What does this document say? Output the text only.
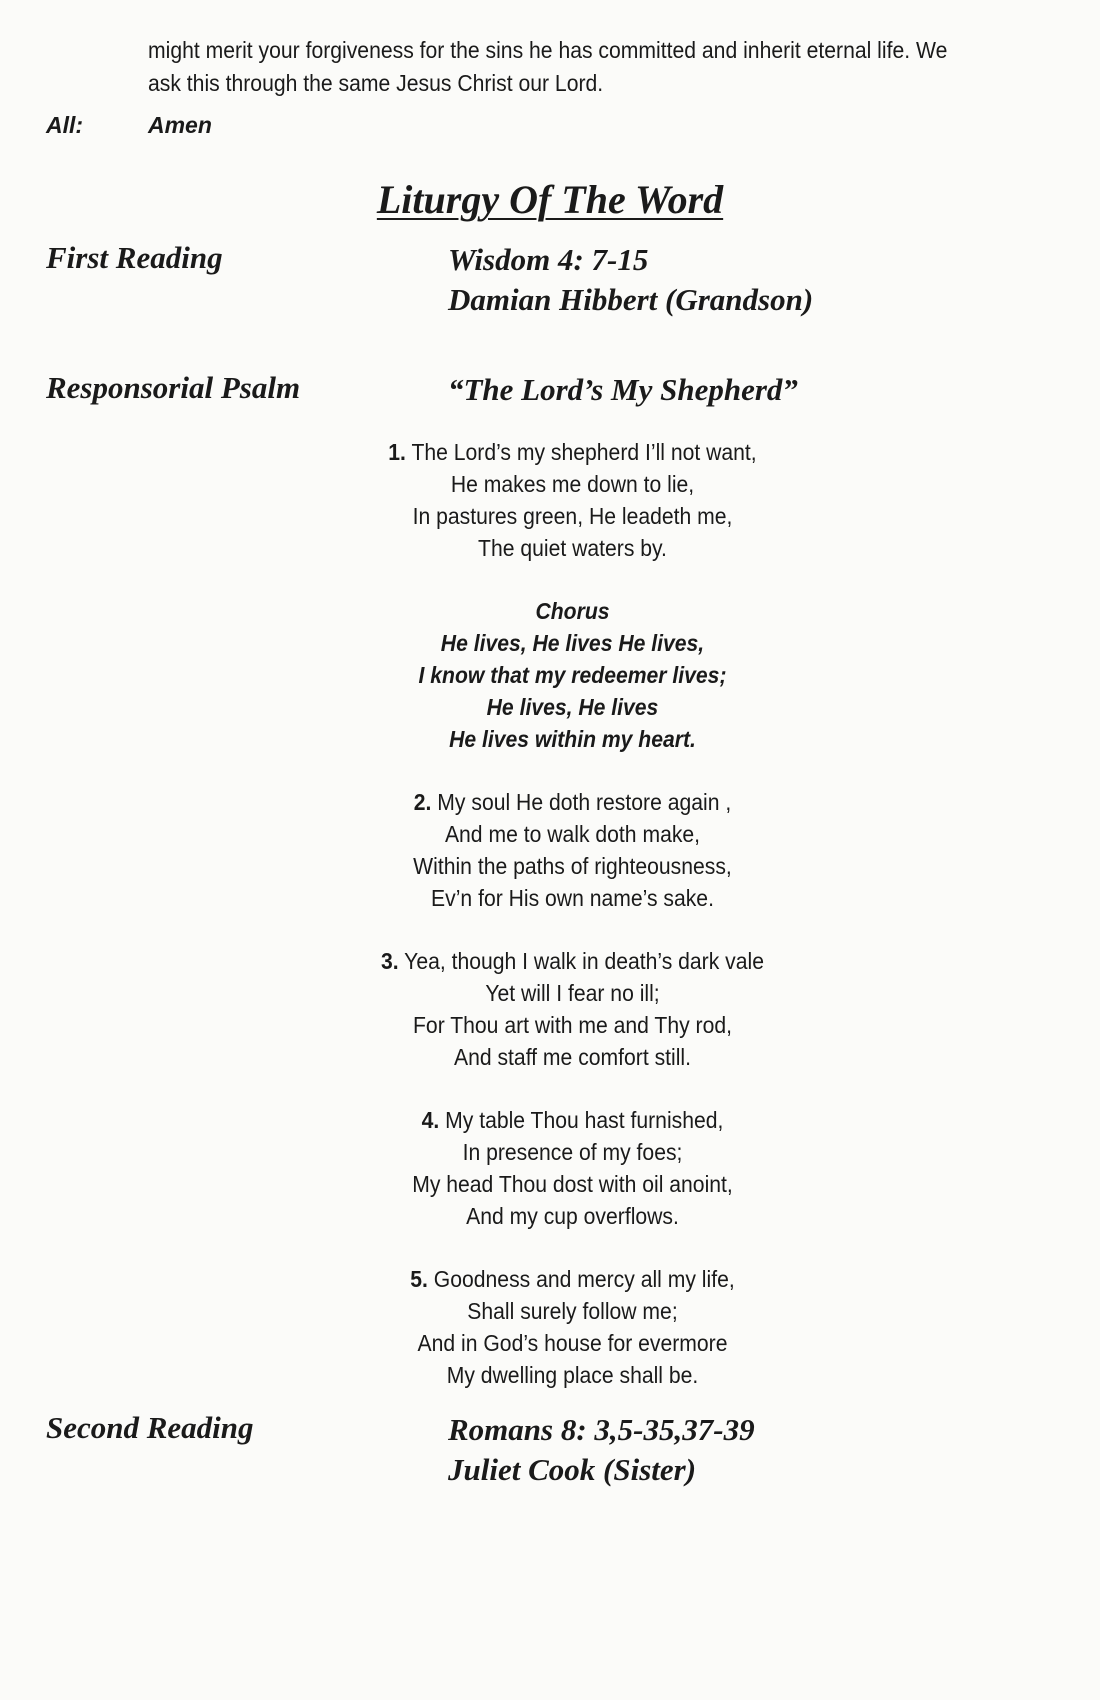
might merit your forgiveness for the sins he has committed and inherit eternal life. We
ask this through the same Jesus Christ our Lord.
All:	Amen
Liturgy Of The Word
First Reading	Wisdom 4: 7-15
Damian Hibbert (Grandson)
Responsorial Psalm	“The Lord’s My Shepherd”
1. The Lord’s my shepherd I’ll not want,
He makes me down to lie,
In pastures green, He leadeth me,
The quiet waters by.
Chorus
He lives, He lives He lives,
I know that my redeemer lives;
He lives, He lives
He lives within my heart.
2. My soul He doth restore again ,
And me to walk doth make,
Within the paths of righteousness,
Ev’n for His own name’s sake.
3. Yea, though I walk in death’s dark vale
Yet will I fear no ill;
For Thou art with me and Thy rod,
And staff me comfort still.
4. My table Thou hast furnished,
In presence of my foes;
My head Thou dost with oil anoint,
And my cup overflows.
5. Goodness and mercy all my life,
Shall surely follow me;
And in God’s house for evermore
My dwelling place shall be.
Second Reading	Romans 8: 3,5-35,37-39
Juliet Cook (Sister)
